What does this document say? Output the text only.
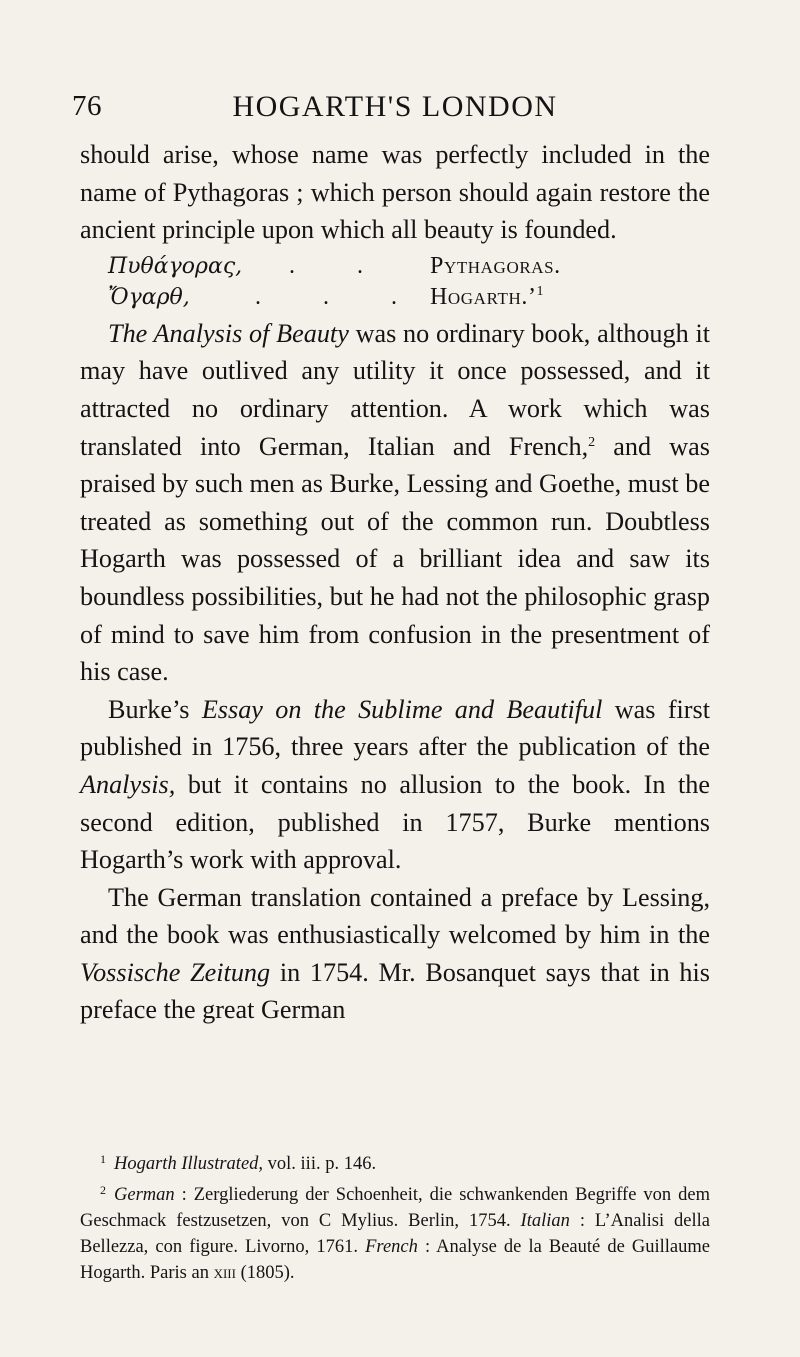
76	HOGARTH'S LONDON

should arise, whose name was perfectly included in the name of Pythagoras ; which person should again restore the ancient principle upon which all beauty is founded.

Πυθάγορας,	. .	Pythagoras.
Ὄγαρθ,	. . . Hogarth.’$^1$

The Analysis of Beauty was no ordinary book, although it may have outlived any utility it once possessed, and it attracted no ordinary attention. A work which was translated into German, Italian and French,$^2$ and was praised by such men as Burke, Lessing and Goethe, must be treated as something out of the common run. Doubtless Hogarth was possessed of a brilliant idea and saw its boundless possibilities, but he had not the philosophic grasp of mind to save him from confusion in the presentment of his case.

Burke’s Essay on the Sublime and Beautiful was first published in 1756, three years after the publication of the Analysis, but it contains no allusion to the book. In the second edition, published in 1757, Burke mentions Hogarth’s work with approval.

The German translation contained a preface by Lessing, and the book was enthusiastically welcomed by him in the Vossische Zeitung in 1754. Mr. Bosanquet says that in his preface the great German

$^1$ Hogarth Illustrated, vol. iii. p. 146.

$^2$ German : Zergliederung der Schoenheit, die schwankenden Begriffe von dem Geschmack festzusetzen, von C Mylius. Berlin, 1754. Italian : L’Analisi della Bellezza, con figure. Livorno, 1761. French : Analyse de la Beauté de Guillaume Hogarth. Paris an xiii (1805).
